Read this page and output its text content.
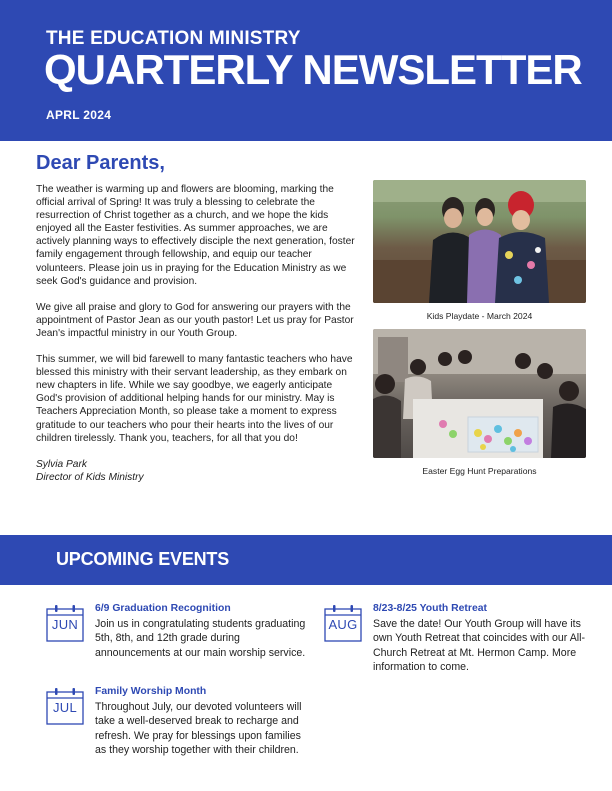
THE EDUCATION MINISTRY
QUARTERLY NEWSLETTER
APRL 2024
Dear Parents,

The weather is warming up and flowers are blooming, marking the official arrival of Spring! It was truly a blessing to celebrate the resurrection of Christ together as a church, and we hope the kids enjoyed all the Easter festivities. As summer approaches, we are actively planning ways to effectively disciple the next generation, foster family engagement through fellowship, and equip our teacher volunteers. Please join us in praying for the Education Ministry as we seek God's guidance and provision.

We give all praise and glory to God for answering our prayers with the appointment of Pastor Jean as our youth pastor! Let us pray for Pastor Jean's impactful ministry in our Youth Group.

This summer, we will bid farewell to many fantastic teachers who have blessed this ministry with their servant leadership, as they embark on new chapters in life. While we say goodbye, we eagerly anticipate God's provision of additional helping hands for our ministry. May is Teachers Appreciation Month, so please take a moment to express gratitude to our teachers who pour their hearts into the lives of our children tirelessly. Thank you, teachers, for all that you do!

Sylvia Park
Director of Kids Ministry
Kids Playdate - March 2024
Easter Egg Hunt Preparations
UPCOMING EVENTS
JUN
6/9 Graduation Recognition
Join us in congratulating students graduating 5th, 8th, and 12th grade during announcements at our main worship service.
JUL
Family Worship Month
Throughout July, our devoted volunteers will take a well-deserved break to recharge and refresh. We pray for blessings upon families as they worship together with their children.
AUG
8/23-8/25 Youth Retreat
Save the date! Our Youth Group will have its own Youth Retreat that coincides with our All-Church Retreat at Mt. Hermon Camp. More information to come.
